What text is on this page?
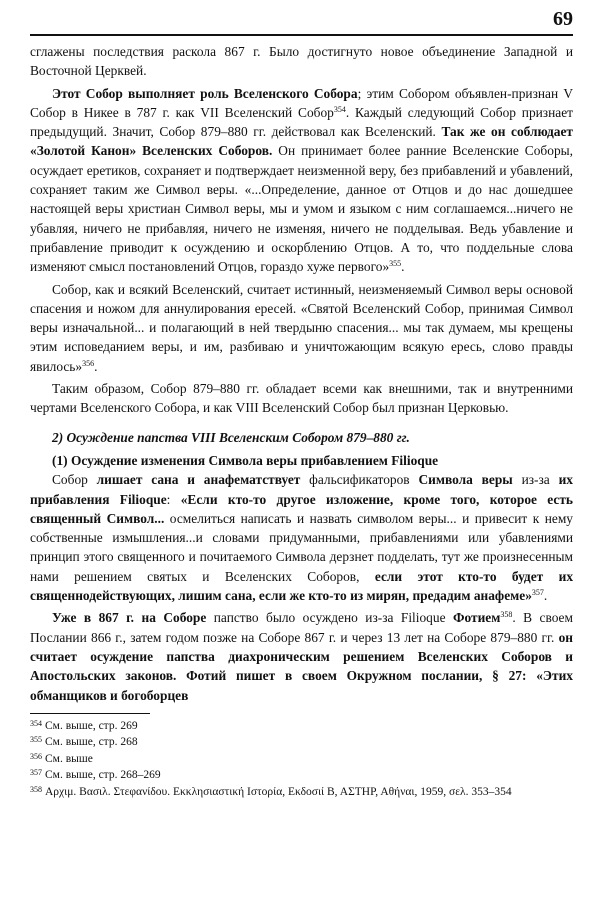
69

сглажены последствия раскола 867 г. Было достигнуто новое объединение Западной и Восточной Церквей.

Этот Собор выполняет роль Вселенского Собора; этим Собором объявлен-признан V Собор в Никее в 787 г. как VII Вселенский Собор$^{354}$. Каждый следующий Собор признает предыдущий. Значит, Собор 879–880 гг. действовал как Вселенский. Так же он соблюдает «Золотой Канон» Вселенских Соборов. Он принимает более ранние Вселенские Соборы, осуждает еретиков, сохраняет и подтверждает неизменной веру, без прибавлений и убавлений, сохраняет таким же Символ веры. «...Определение, данное от Отцов и до нас дошедшее настоящей веры христиан Символ веры, мы и умом и языком с ним соглашаемся...ничего не убавляя, ничего не прибавляя, ничего не изменяя, ничего не подделывая. Ведь убавление и прибавление приводит к осуждению и оскорблению Отцов. А то, что поддельные слова изменяют смысл постановлений Отцов, гораздо хуже первого»$^{355}$.

Собор, как и всякий Вселенский, считает истинный, неизменяемый Символ веры основой спасения и ножом для аннулирования ересей. «Святой Вселенский Собор, принимая Символ веры изначальной... и полагающий в ней твердыню спасения... мы так думаем, мы крещены этим исповеданием веры, и им, разбиваю и уничтожающим всякую ересь, слово правды явилось»$^{356}$.

Таким образом, Собор 879–880 гг. обладает всеми как внешними, так и внутренними чертами Вселенского Собора, и как VIII Вселенский Собор был признан Церковью.

2) Осуждение папства VIII Вселенским Собором 879–880 гг.
(1) Осуждение изменения Символа веры прибавлением Filioque

Собор лишает сана и анафематствует фальсификаторов Символа веры из-за их прибавления Filioque: «Если кто-то другое изложение, кроме того, которое есть священный Символ... осмелиться написать и назвать символом веры... и привесит к нему собственные измышления...и словами придуманными, прибавлениями или убавлениями принцип этого священного и почитаемого Символа дерзнет подделать, тут же произнесенным нами решением святых и Вселенских Соборов, если этот кто-то будет их священнодействующих, лишим сана, если же кто-то из мирян, предадим анафеме»$^{357}$.

Уже в 867 г. на Соборе папство было осуждено из-за Filioque Фотием$^{358}$. В своем Послании 866 г., затем годом позже на Соборе 867 г. и через 13 лет на Соборе 879–880 гг. он считает осуждение папства диахроническим решением Вселенских Соборов и Апостольских законов. Фотий пишет в своем Окружном послании, § 27: «Этих обманщиков и богоборцев

$^{354}$ См. выше, стр. 269
$^{355}$ См. выше, стр. 268
$^{356}$ См. выше
$^{357}$ См. выше, стр. 268–269
$^{358}$ Αρχιμ. Βασιλ. Στεφανίδου. Εκκλησιαστική Ιστορία, Εκδοσιί Β, ΑΣΤΗΡ, Αθήναι, 1959, σελ. 353–354
